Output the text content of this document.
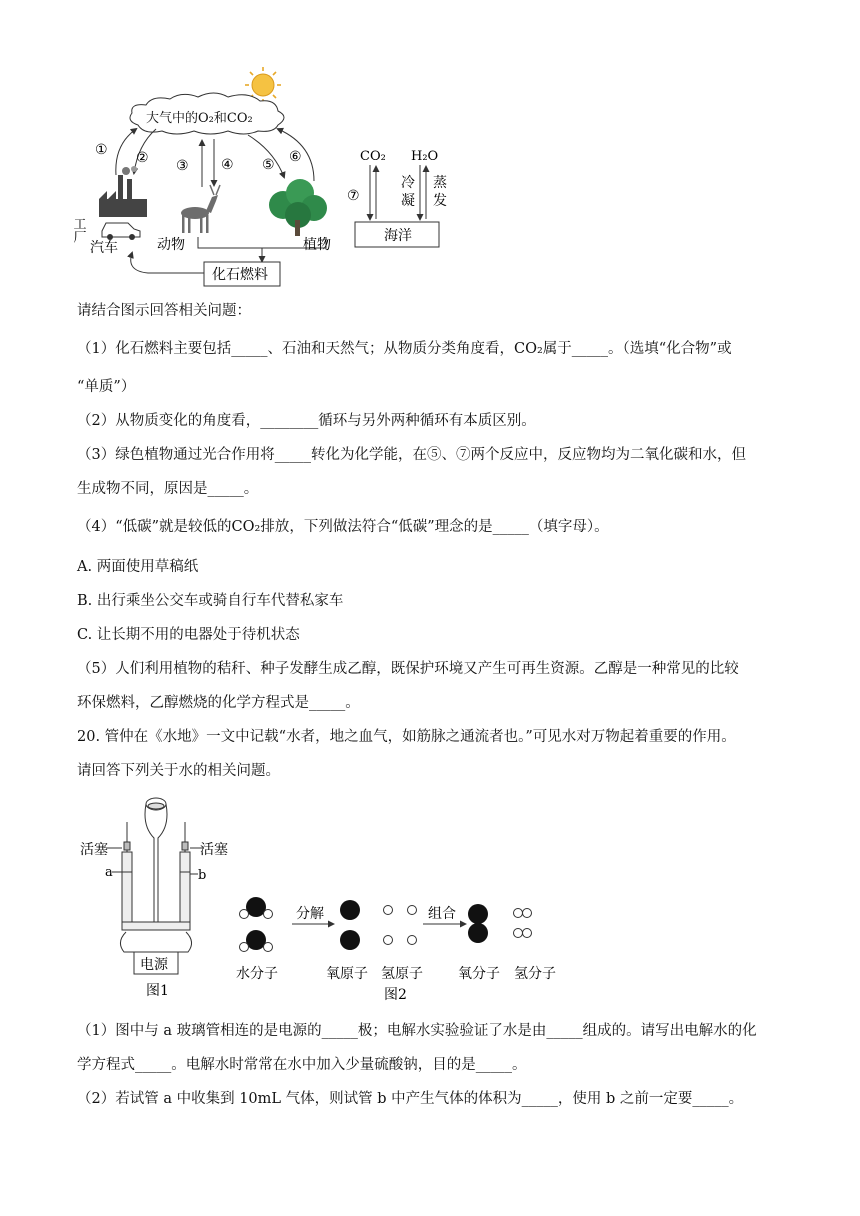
大气中的O₂和CO₂
① ② ③ ④ ⑤ ⑥
工厂
汽车	动物	植物
化石燃料
CO₂ H₂O
⑦
冷
凝
蒸
发
海洋
请结合图示回答相关问题：
（1）化石燃料主要包括_____、石油和天然气；从物质分类角度看，CO₂属于_____。（选填“化合物”或
“单质”）
（2）从物质变化的角度看，________循环与另外两种循环有本质区别。
（3）绿色植物通过光合作用将_____转化为化学能，在⑤、⑦两个反应中，反应物均为二氧化碳和水，但
生成物不同，原因是_____。
（4）“低碳”就是较低的CO₂排放，下列做法符合“低碳”理念的是_____（填字母）。
A. 两面使用草稿纸
B. 出行乘坐公交车或骑自行车代替私家车
C. 让长期不用的电器处于待机状态
（5）人们利用植物的秸秆、种子发酵生成乙醇，既保护环境又产生可再生资源。乙醇是一种常见的比较
环保燃料，乙醇燃烧的化学方程式是_____。
20. 管仲在《水地》一文中记载“水者，地之血气，如筋脉之通流者也。”可见水对万物起着重要的作用。
请回答下列关于水的相关问题。
活塞	活塞
a	b
电源
图1
分解	组合
水分子	氧原子 氢原子	氧分子 氢分子
图2
（1）图中与 a 玻璃管相连的是电源的_____极；电解水实验验证了水是由_____组成的。请写出电解水的化
学方程式_____。电解水时常常在水中加入少量硫酸钠，目的是_____。
（2）若试管 a 中收集到 10mL 气体，则试管 b 中产生气体的体积为_____，使用 b 之前一定要_____。
